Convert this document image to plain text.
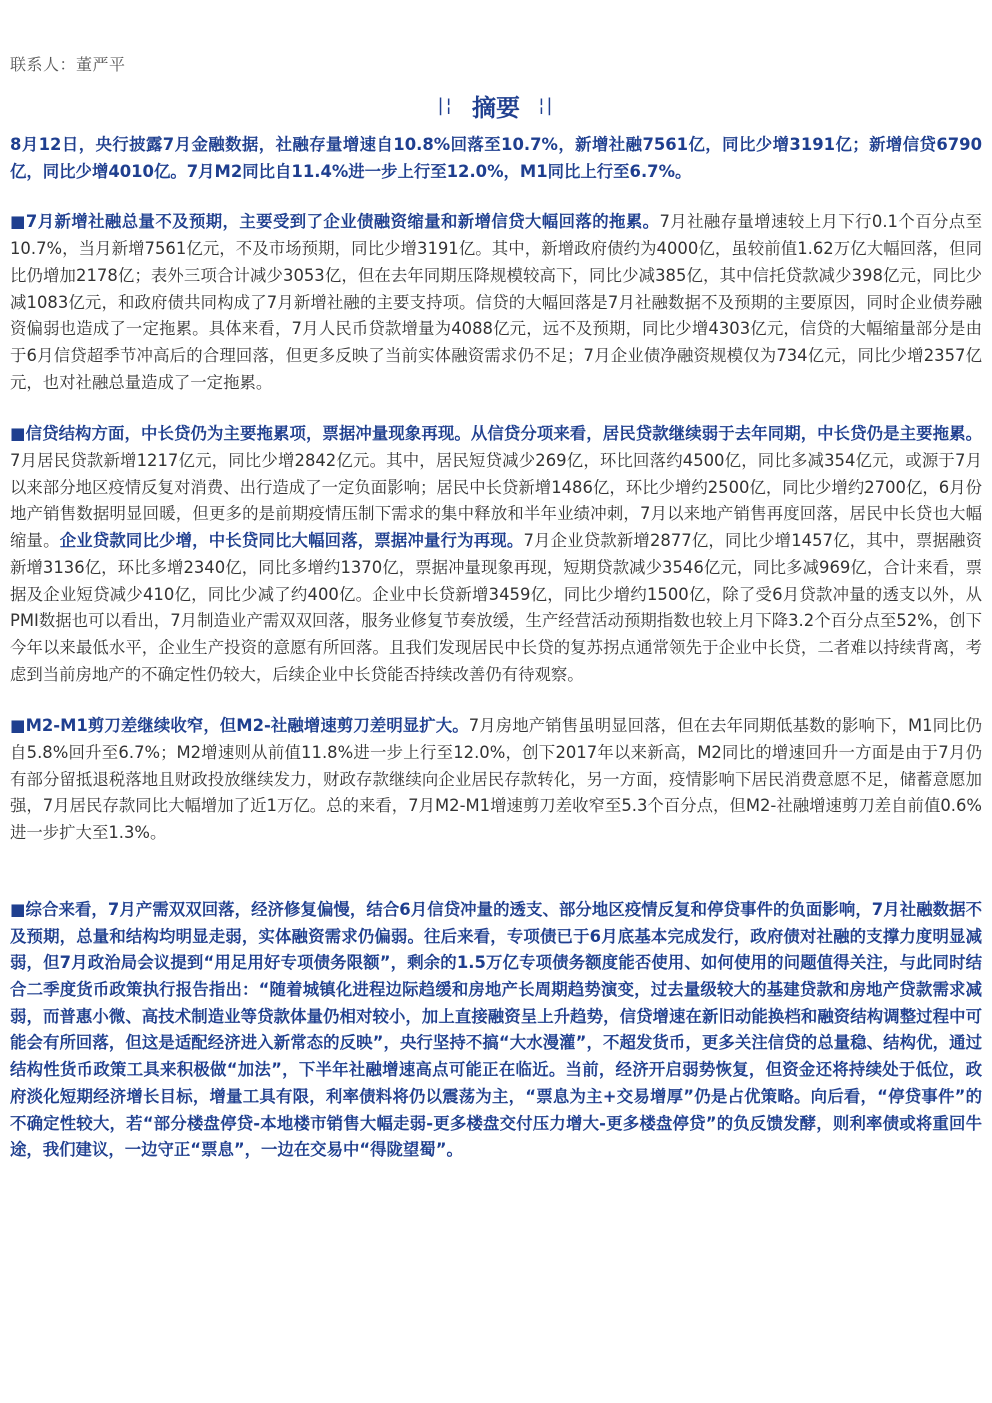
联系人：董严平
|¦ 摘要 ¦|

8月12日，央行披露7月金融数据，社融存量增速自10.8%回落至10.7%，新增社融7561亿，同比少增3191亿；新增信贷6790亿，同比少增4010亿。7月M2同比自11.4%进一步上行至12.0%，M1同比上行至6.7%。

■7月新增社融总量不及预期，主要受到了企业债融资缩量和新增信贷大幅回落的拖累。7月社融存量增速较上月下行0.1个百分点至10.7%，当月新增7561亿元，不及市场预期，同比少增3191亿。其中，新增政府债约为4000亿，虽较前值1.62万亿大幅回落，但同比仍增加2178亿；表外三项合计减少3053亿，但在去年同期压降规模较高下，同比少减385亿，其中信托贷款减少398亿元，同比少减1083亿元，和政府债共同构成了7月新增社融的主要支持项。信贷的大幅回落是7月社融数据不及预期的主要原因，同时企业债券融资偏弱也造成了一定拖累。具体来看，7月人民币贷款增量为4088亿元，远不及预期，同比少增4303亿元，信贷的大幅缩量部分是由于6月信贷超季节冲高后的合理回落，但更多反映了当前实体融资需求仍不足；7月企业债净融资规模仅为734亿元，同比少增2357亿元，也对社融总量造成了一定拖累。

■信贷结构方面，中长贷仍为主要拖累项，票据冲量现象再现。从信贷分项来看，居民贷款继续弱于去年同期，中长贷仍是主要拖累。7月居民贷款新增1217亿元，同比少增2842亿元。其中，居民短贷减少269亿，环比回落约4500亿，同比多减354亿元，或源于7月以来部分地区疫情反复对消费、出行造成了一定负面影响；居民中长贷新增1486亿，环比少增约2500亿，同比少增约2700亿，6月份地产销售数据明显回暖，但更多的是前期疫情压制下需求的集中释放和半年业绩冲刺，7月以来地产销售再度回落，居民中长贷也大幅缩量。企业贷款同比少增，中长贷同比大幅回落，票据冲量行为再现。7月企业贷款新增2877亿，同比少增1457亿，其中，票据融资新增3136亿，环比多增2340亿，同比多增约1370亿，票据冲量现象再现，短期贷款减少3546亿元，同比多减969亿，合计来看，票据及企业短贷减少410亿，同比少减了约400亿。企业中长贷新增3459亿，同比少增约1500亿，除了受6月贷款冲量的透支以外，从PMI数据也可以看出，7月制造业产需双双回落，服务业修复节奏放缓，生产经营活动预期指数也较上月下降3.2个百分点至52%，创下今年以来最低水平，企业生产投资的意愿有所回落。且我们发现居民中长贷的复苏拐点通常领先于企业中长贷，二者难以持续背离，考虑到当前房地产的不确定性仍较大，后续企业中长贷能否持续改善仍有待观察。

■M2-M1剪刀差继续收窄，但M2-社融增速剪刀差明显扩大。7月房地产销售虽明显回落，但在去年同期低基数的影响下，M1同比仍自5.8%回升至6.7%；M2增速则从前值11.8%进一步上行至12.0%，创下2017年以来新高，M2同比的增速回升一方面是由于7月仍有部分留抵退税落地且财政投放继续发力，财政存款继续向企业居民存款转化，另一方面，疫情影响下居民消费意愿不足，储蓄意愿加强，7月居民存款同比大幅增加了近1万亿。总的来看，7月M2-M1增速剪刀差收窄至5.3个百分点，但M2-社融增速剪刀差自前值0.6%进一步扩大至1.3%。

■综合来看，7月产需双双回落，经济修复偏慢，结合6月信贷冲量的透支、部分地区疫情反复和停贷事件的负面影响，7月社融数据不及预期，总量和结构均明显走弱，实体融资需求仍偏弱。往后来看，专项债已于6月底基本完成发行，政府债对社融的支撑力度明显减弱，但7月政治局会议提到“用足用好专项债务限额”，剩余的1.5万亿专项债务额度能否使用、如何使用的问题值得关注，与此同时结合二季度货币政策执行报告指出：“随着城镇化进程边际趋缓和房地产长周期趋势演变，过去量级较大的基建贷款和房地产贷款需求减弱，而普惠小微、高技术制造业等贷款体量仍相对较小，加上直接融资呈上升趋势，信贷增速在新旧动能换档和融资结构调整过程中可能会有所回落，但这是适配经济进入新常态的反映”，央行坚持不搞“大水漫灌”，不超发货币，更多关注信贷的总量稳、结构优，通过结构性货币政策工具来积极做“加法”，下半年社融增速高点可能正在临近。当前，经济开启弱势恢复，但资金还将持续处于低位，政府淡化短期经济增长目标，增量工具有限，利率债料将仍以震荡为主，“票息为主+交易增厚”仍是占优策略。向后看，“停贷事件”的不确定性较大，若“部分楼盘停贷-本地楼市销售大幅走弱-更多楼盘交付压力增大-更多楼盘停贷”的负反馈发酵，则利率债或将重回牛途，我们建议，一边守正“票息”，一边在交易中“得陇望蜀”。
